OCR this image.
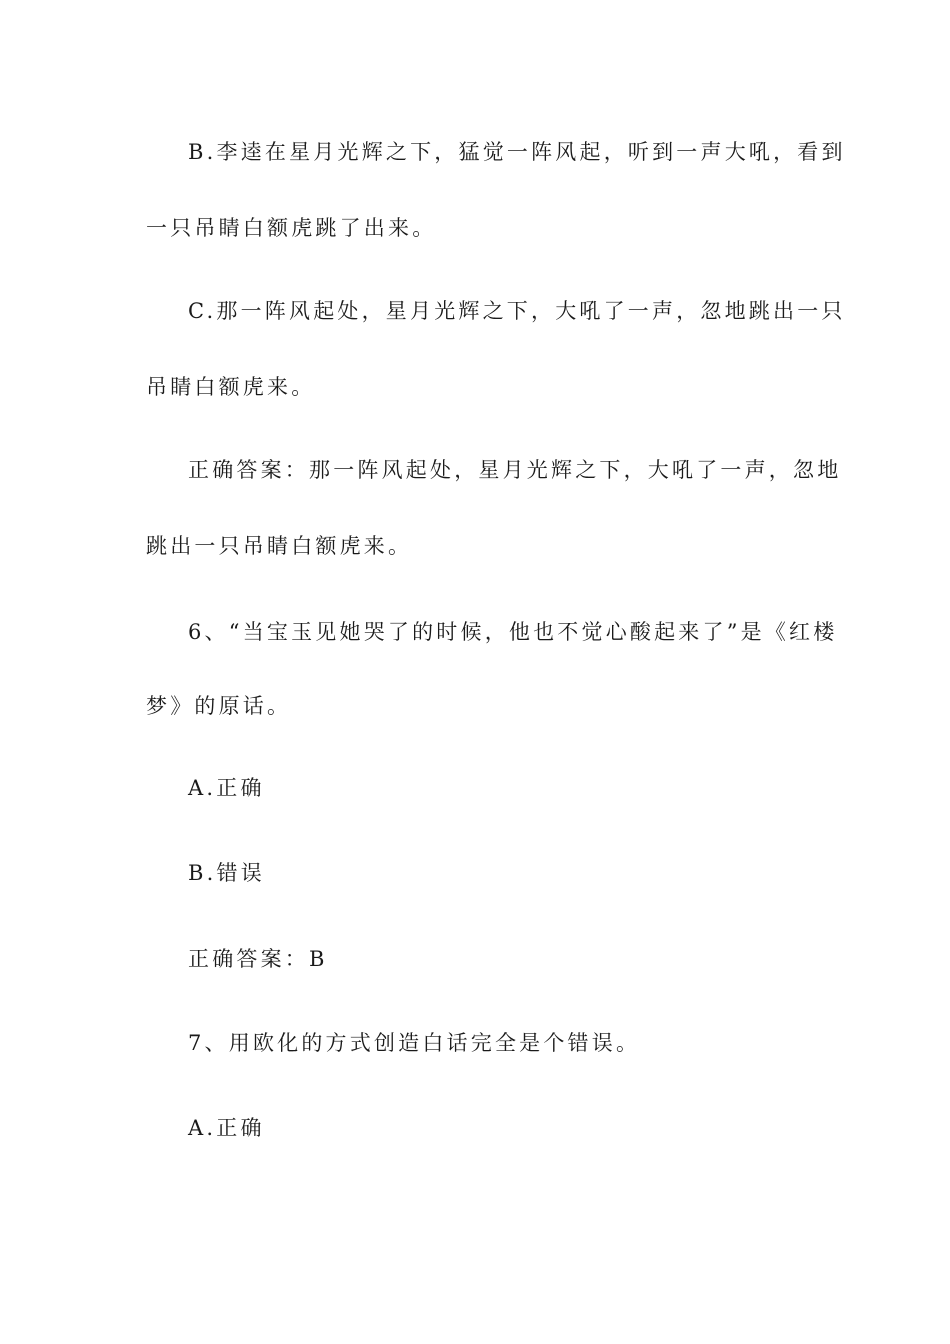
B.李逵在星月光辉之下，猛觉一阵风起，听到一声大吼，看到
一只吊睛白额虎跳了出来。
C.那一阵风起处，星月光辉之下，大吼了一声，忽地跳出一只
吊睛白额虎来。
正确答案：那一阵风起处，星月光辉之下，大吼了一声，忽地
跳出一只吊睛白额虎来。
6、“当宝玉见她哭了的时候，他也不觉心酸起来了”是《红楼
梦》的原话。
A.正确
B.错误
正确答案：B
7、用欧化的方式创造白话完全是个错误。
A.正确
